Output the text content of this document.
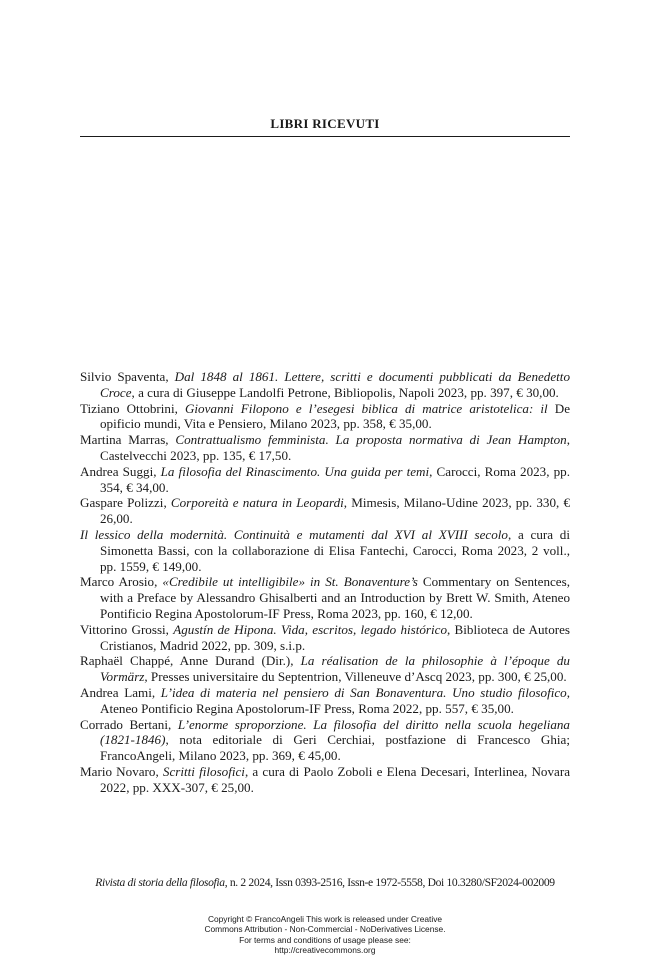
LIBRI RICEVUTI

Silvio Spaventa, Dal 1848 al 1861. Lettere, scritti e documenti pubblicati da Benedetto Croce, a cura di Giuseppe Landolfi Petrone, Bibliopolis, Napoli 2023, pp. 397, € 30,00.

Tiziano Ottobrini, Giovanni Filopono e l’esegesi biblica di matrice aristotelica: il De opificio mundi, Vita e Pensiero, Milano 2023, pp. 358, € 35,00.

Martina Marras, Contrattualismo femminista. La proposta normativa di Jean Hampton, Castelvecchi 2023, pp. 135, € 17,50.

Andrea Suggi, La filosofia del Rinascimento. Una guida per temi, Carocci, Roma 2023, pp. 354, € 34,00.

Gaspare Polizzi, Corporeità e natura in Leopardi, Mimesis, Milano-Udine 2023, pp. 330, € 26,00.

Il lessico della modernità. Continuità e mutamenti dal XVI al XVIII secolo, a cura di Simonetta Bassi, con la collaborazione di Elisa Fantechi, Carocci, Roma 2023, 2 voll., pp. 1559, € 149,00.

Marco Arosio, «Credibile ut intelligibile» in St. Bonaventure’s Commentary on Sentences, with a Preface by Alessandro Ghisalberti and an Introduction by Brett W. Smith, Ateneo Pontificio Regina Apostolorum-IF Press, Roma 2023, pp. 160, € 12,00.

Vittorino Grossi, Agustín de Hipona. Vida, escritos, legado histórico, Biblioteca de Autores Cristianos, Madrid 2022, pp. 309, s.i.p.

Raphaël Chappé, Anne Durand (Dir.), La réalisation de la philosophie à l’époque du Vormärz, Presses universitaire du Septentrion, Villeneuve d’Ascq 2023, pp. 300, € 25,00.

Andrea Lami, L’idea di materia nel pensiero di San Bonaventura. Uno studio filosofico, Ateneo Pontificio Regina Apostolorum-IF Press, Roma 2022, pp. 557, € 35,00.

Corrado Bertani, L’enorme sproporzione. La filosofia del diritto nella scuola hegeliana (1821-1846), nota editoriale di Geri Cerchiai, postfazione di Francesco Ghia; FrancoAngeli, Milano 2023, pp. 369, € 45,00.

Mario Novaro, Scritti filosofici, a cura di Paolo Zoboli e Elena Decesari, Interlinea, Novara 2022, pp. XXX-307, € 25,00.

Rivista di storia della filosofia, n. 2 2024, Issn 0393-2516, Issn-e 1972-5558, Doi 10.3280/SF2024-002009
Copyright © FrancoAngeli This work is released under Creative
Commons Attribution - Non-Commercial - NoDerivatives License.
For terms and conditions of usage please see:
http://creativecommons.org
